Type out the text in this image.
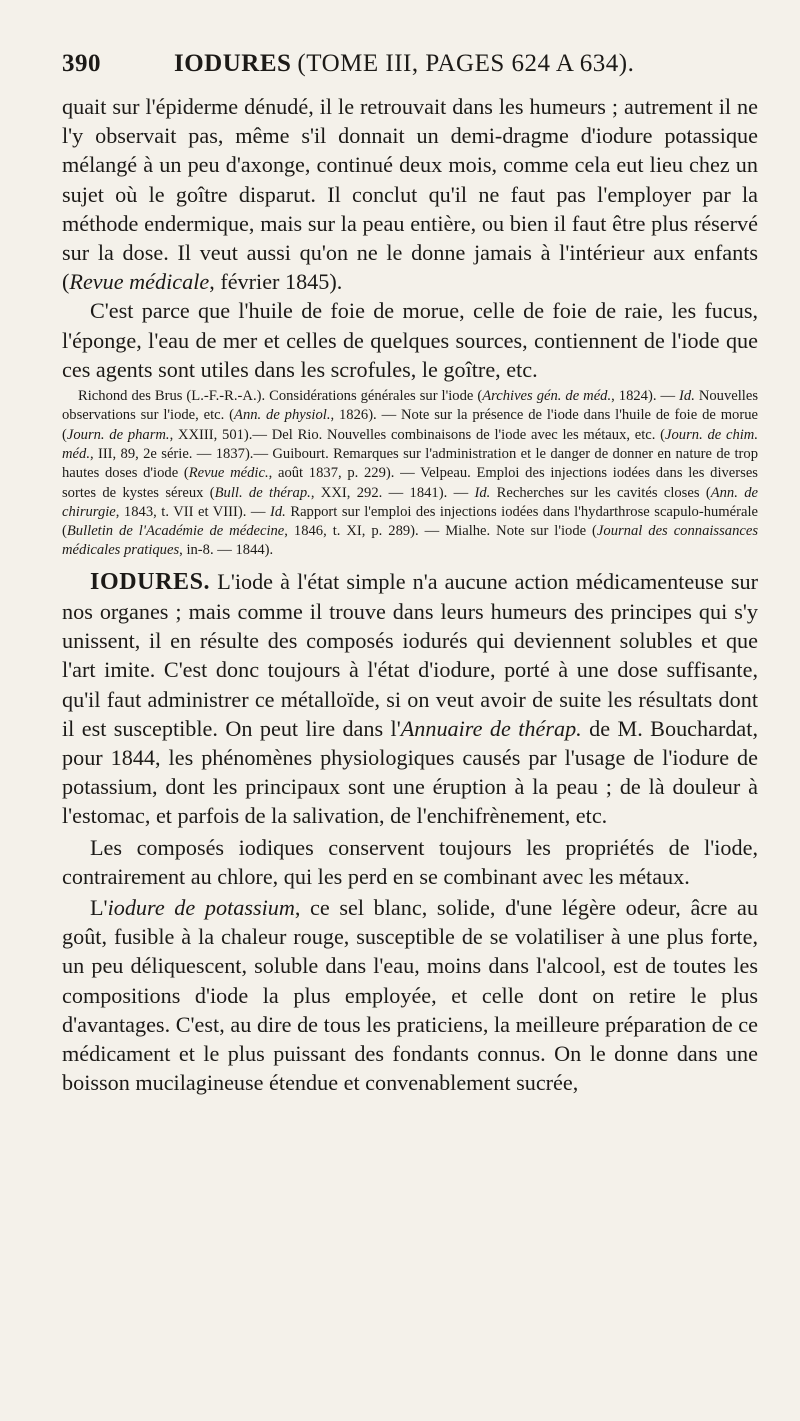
390	IODURES (TOME III, PAGES 624 A 634).

quait sur l'épiderme dénudé, il le retrouvait dans les humeurs ; autrement il ne l'y observait pas, même s'il donnait un demi-dragme d'iodure potassique mélangé à un peu d'axonge, continué deux mois, comme cela eut lieu chez un sujet où le goître disparut. Il conclut qu'il ne faut pas l'employer par la méthode endermique, mais sur la peau entière, ou bien il faut être plus réservé sur la dose. Il veut aussi qu'on ne le donne jamais à l'intérieur aux enfants (Revue médicale, février 1845).

C'est parce que l'huile de foie de morue, celle de foie de raie, les fucus, l'éponge, l'eau de mer et celles de quelques sources, contiennent de l'iode que ces agents sont utiles dans les scrofules, le goître, etc.

Richond des Brus (L.-F.-R.-A.). Considérations générales sur l'iode (Archives gén. de méd., 1824). — Id. Nouvelles observations sur l'iode, etc. (Ann. de physiol., 1826). — Note sur la présence de l'iode dans l'huile de foie de morue (Journ. de pharm., XXIII, 501).— Del Rio. Nouvelles combinaisons de l'iode avec les métaux, etc. (Journ. de chim. méd., III, 89, 2e série. — 1837).— Guibourt. Remarques sur l'administration et le danger de donner en nature de trop hautes doses d'iode (Revue médic., août 1837, p. 229). — Velpeau. Emploi des injections iodées dans les diverses sortes de kystes séreux (Bull. de thérap., XXI, 292. — 1841). — Id. Recherches sur les cavités closes (Ann. de chirurgie, 1843, t. VII et VIII). — Id. Rapport sur l'emploi des injections iodées dans l'hydarthrose scapulo-humérale (Bulletin de l'Académie de médecine, 1846, t. XI, p. 289). — Mialhe. Note sur l'iode (Journal des connaissances médicales pratiques, in-8. — 1844).

IODURES. L'iode à l'état simple n'a aucune action médicamenteuse sur nos organes ; mais comme il trouve dans leurs humeurs des principes qui s'y unissent, il en résulte des composés iodurés qui deviennent solubles et que l'art imite. C'est donc toujours à l'état d'iodure, porté à une dose suffisante, qu'il faut administrer ce métalloïde, si on veut avoir de suite les résultats dont il est susceptible. On peut lire dans l'Annuaire de thérap. de M. Bouchardat, pour 1844, les phénomènes physiologiques causés par l'usage de l'iodure de potassium, dont les principaux sont une éruption à la peau ; de là douleur à l'estomac, et parfois de la salivation, de l'enchifrènement, etc.

Les composés iodiques conservent toujours les propriétés de l'iode, contrairement au chlore, qui les perd en se combinant avec les métaux.

L'iodure de potassium, ce sel blanc, solide, d'une légère odeur, âcre au goût, fusible à la chaleur rouge, susceptible de se volatiliser à une plus forte, un peu déliquescent, soluble dans l'eau, moins dans l'alcool, est de toutes les compositions d'iode la plus employée, et celle dont on retire le plus d'avantages. C'est, au dire de tous les praticiens, la meilleure préparation de ce médicament et le plus puissant des fondants connus. On le donne dans une boisson mucilagineuse étendue et convenablement sucrée,
